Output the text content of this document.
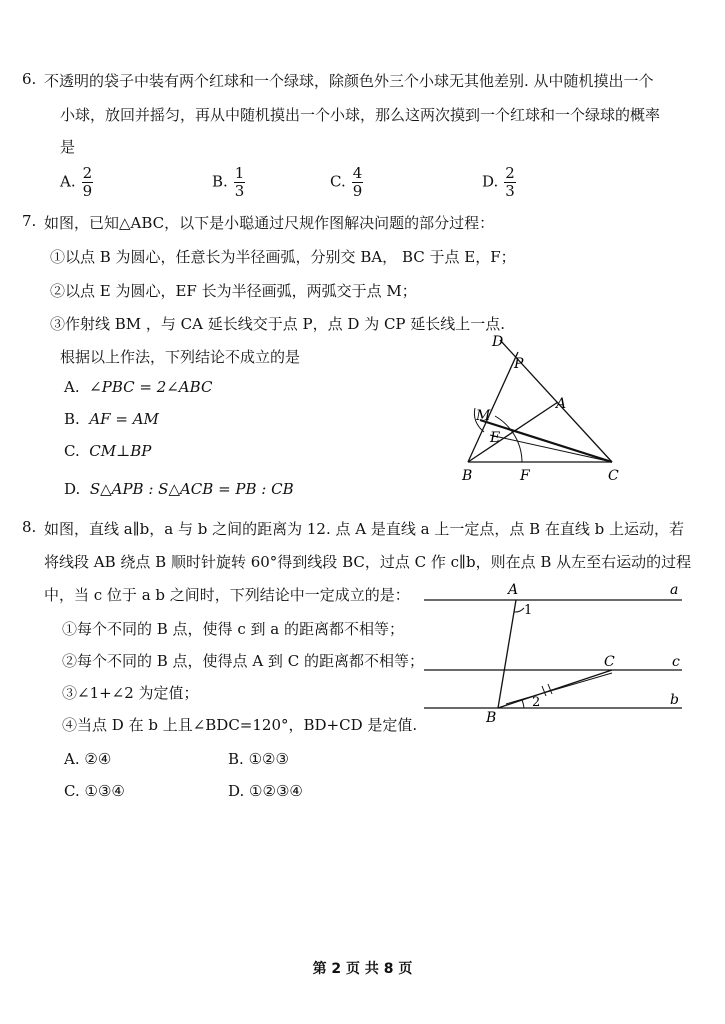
6. 不透明的袋子中装有两个红球和一个绿球，除颜色外三个小球无其他差别. 从中随机摸出一个
小球，放回并摇匀，再从中随机摸出一个小球，那么这两次摸到一个红球和一个绿球的概率
是
A. $\frac{2}{9}$	B. $\frac{1}{3}$	C. $\frac{4}{9}$	D. $\frac{2}{3}$
7. 如图，已知△ABC，以下是小聪通过尺规作图解决问题的部分过程：
①以点 B 为圆心，任意长为半径画弧，分别交 BA， BC 于点 E，F；
②以点 E 为圆心，EF 长为半径画弧，两弧交于点 M；
③作射线 BM ，与 CA 延长线交于点 P，点 D 为 CP 延长线上一点.
根据以上作法，下列结论不成立的是
A. ∠PBC = 2∠ABC
B. AF = AM
C. CM⊥BP
D. S△APB : S△ACB = PB : CB
D
P
A
M
E
B	F	C
8. 如图，直线 a∥b，a 与 b 之间的距离为 12. 点 A 是直线 a 上一定点，点 B 在直线 b 上运动，若
将线段 AB 绕点 B 顺时针旋转 60°得到线段 BC，过点 C 作 c∥b，则在点 B 从左至右运动的过程
中，当 c 位于 a b 之间时，下列结论中一定成立的是：
①每个不同的 B 点，使得 c 到 a 的距离都不相等；
②每个不同的 B 点，使得点 A 到 C 的距离都不相等；
③∠1+∠2 为定值；
④当点 D 在 b 上且∠BDC=120°，BD+CD 是定值.
A. ②④	B. ①②③
C. ①③④	D. ①②③④
A	a
1
C	c
B
2	b
第 2 页 共 8 页
